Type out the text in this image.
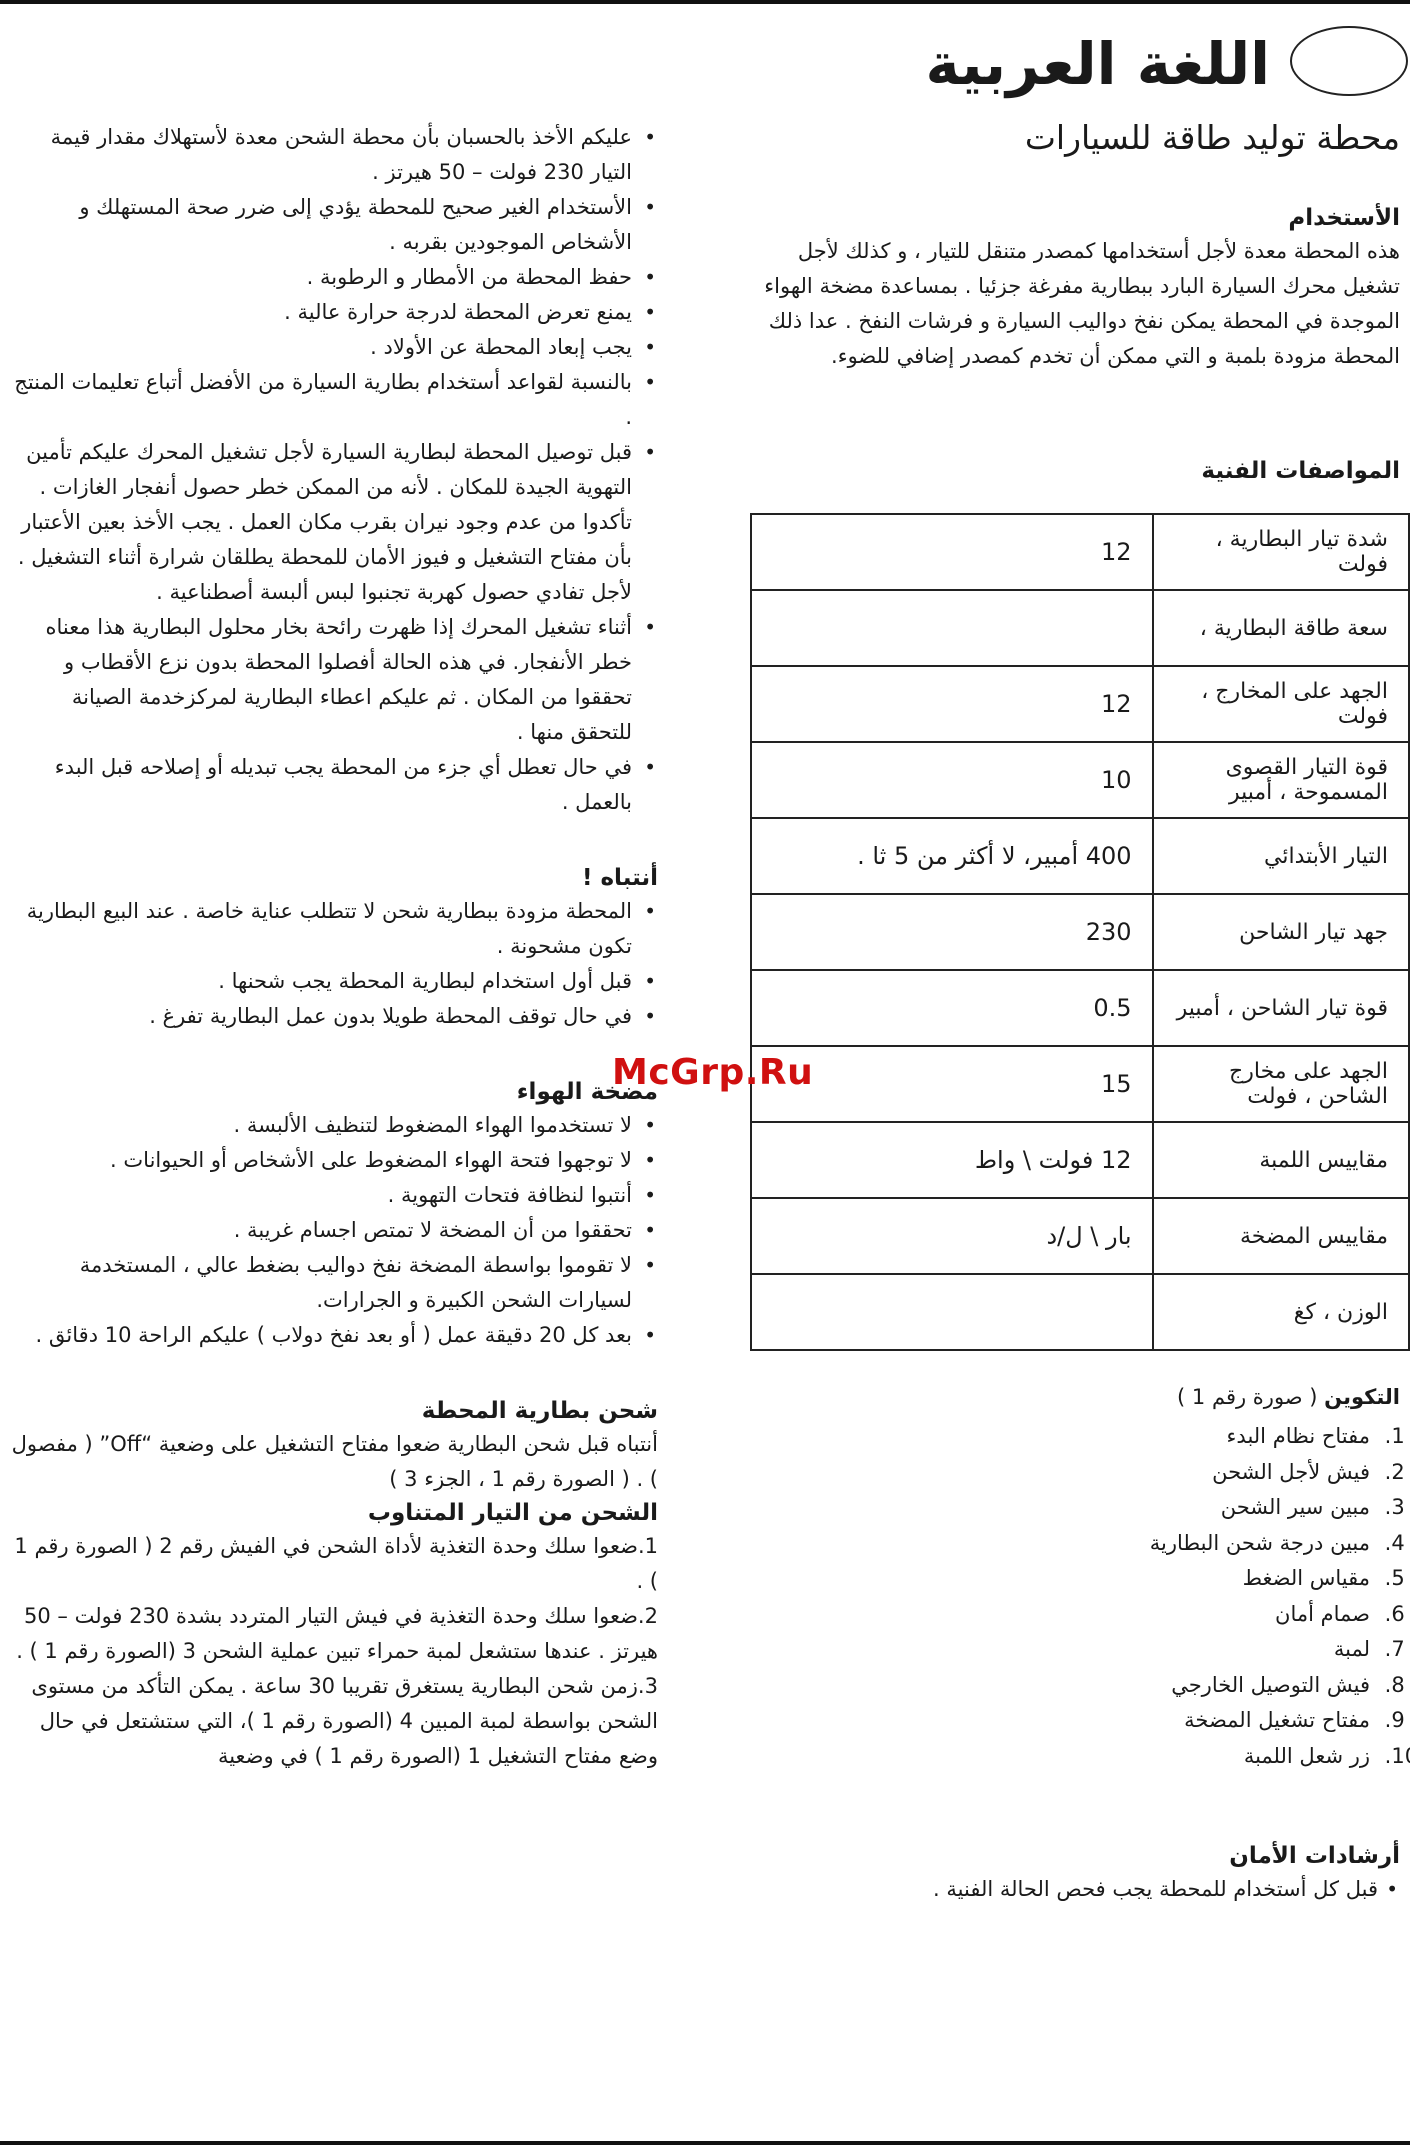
اللغة العربية
محطة توليد طاقة للسيارات
الأستخدام

هذه المحطة معدة لأجل أستخدامها كمصدر متنقل للتيار ، و كذلك لأجل تشغيل محرك السيارة البارد ببطارية مفرغة جزئيا . بمساعدة مضخة الهواء الموجدة في المحطة يمكن نفخ دواليب السيارة و فرشات النفخ . عدا ذلك المحطة مزودة بلمبة و التي ممكن أن تخدم كمصدر إضافي للضوء.

المواصفات الفنية
شدة تيار البطارية ، فولت	12
سعة طاقة البطارية ،	
الجهد على المخارج ، فولت	12
قوة التيار القصوى المسموحة ، أمبير	10
التيار الأبتدائي	400 أمبير، لا أكثر من 5 ثا .
جهد تيار الشاحن	230
قوة تيار الشاحن ، أمبير	0.5
الجهد على مخارج الشاحن ، فولت	15
مقاييس اللمبة	12 فولت \ واط
مقاييس المضخة	بار \ ل/د
الوزن ، كغ	
التكوين ( صورة رقم 1 )
1. مفتاح نظام البدء
2. فيش لأجل الشحن
3. مبين سير الشحن
4. مبين درجة شحن البطارية
5. مقياس الضغط
6. صمام أمان
7. لمبة
8. فيش التوصيل الخارجي
9. مفتاح تشغيل المضخة
10. زر شعل اللمبة
أرشادات الأمان
• قبل كل أستخدام للمحطة يجب فحص الحالة الفنية .
• عليكم الأخذ بالحسبان بأن محطة الشحن معدة لأستهلاك مقدار قيمة التيار 230 فولت – 50 هيرتز .
• الأستخدام الغير صحيح للمحطة يؤدي إلى ضرر صحة المستهلك و الأشخاص الموجودين بقربه .
• حفظ المحطة من الأمطار و الرطوبة .
• يمنع تعرض المحطة لدرجة حرارة عالية .
• يجب إبعاد المحطة عن الأولاد .
• بالنسبة لقواعد أستخدام بطارية السيارة من الأفضل أتباع تعليمات المنتج .
• قبل توصيل المحطة لبطارية السيارة لأجل تشغيل المحرك عليكم تأمين التهوية الجيدة للمكان . لأنه من الممكن خطر حصول أنفجار الغازات . تأكدوا من عدم وجود نيران بقرب مكان العمل . يجب الأخذ بعين الأعتبار بأن مفتاح التشغيل و فيوز الأمان للمحطة يطلقان شرارة أثناء التشغيل . لأجل تفادي حصول كهربة تجنبوا لبس ألبسة أصطناعية .
• أثناء تشغيل المحرك إذا ظهرت رائحة بخار محلول البطارية هذا معناه خطر الأنفجار. في هذه الحالة أفصلوا المحطة بدون نزع الأقطاب و تحققوا من المكان . ثم عليكم اعطاء البطارية لمركزخدمة الصيانة للتحقق منها .
• في حال تعطل أي جزء من المحطة يجب تبديله أو إصلاحه قبل البدء بالعمل .
أنتباه !
• المحطة مزودة ببطارية شحن لا تتطلب عناية خاصة . عند البيع البطارية تكون مشحونة .
• قبل أول استخدام لبطارية المحطة يجب شحنها .
• في حال توقف المحطة طويلا بدون عمل البطارية تفرغ .
مضخة الهواء
• لا تستخدموا الهواء المضغوط لتنظيف الألبسة .
• لا توجهوا فتحة الهواء المضغوط على الأشخاص أو الحيوانات .
• أنتبوا لنظافة فتحات التهوية .
• تحققوا من أن المضخة لا تمتص اجسام غريبة .
• لا تقوموا بواسطة المضخة نفخ دواليب بضغط عالي ، المستخدمة لسيارات الشحن الكبيرة و الجرارات.
• بعد كل 20 دقيقة عمل ( أو بعد نفخ دولاب ) عليكم الراحة 10 دقائق .
شحن بطارية المحطة

أنتباه قبل شحن البطارية ضعوا مفتاح التشغيل على وضعية “Off” ( مفصول ) . ( الصورة رقم 1 ، الجزء 3 )

الشحن من التيار المتناوب
1.ضعوا سلك وحدة التغذية لأداة الشحن في الفيش رقم 2 ( الصورة رقم 1 ) .
2.ضعوا سلك وحدة التغذية في فيش التيار المتردد بشدة 230 فولت – 50 هيرتز . عندها ستشعل لمبة حمراء تبين عملية الشحن 3 (الصورة رقم 1 ) .
3.زمن شحن البطارية يستغرق تقريبا 30 ساعة . يمكن التأكد من مستوى الشحن بواسطة لمبة المبين 4 (الصورة رقم 1 )، التي ستشتعل في حال وضع مفتاح التشغيل 1 (الصورة رقم 1 ) في وضعية
McGrp.Ru
